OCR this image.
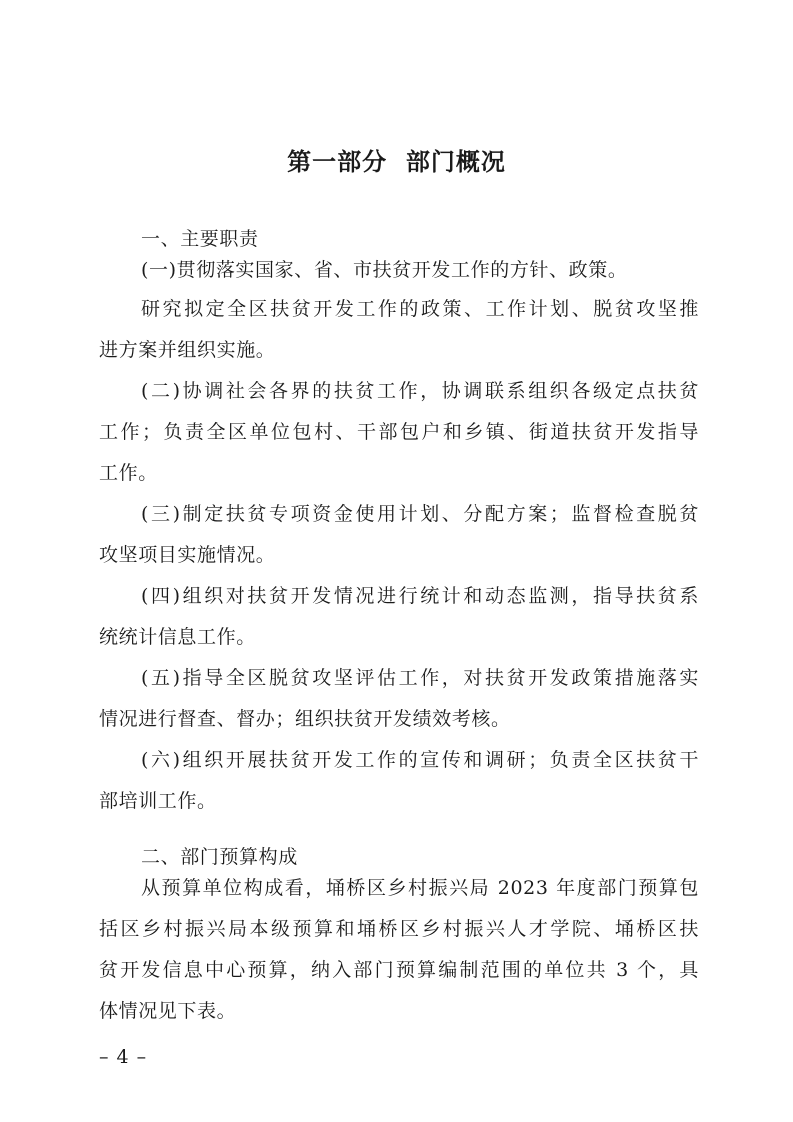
第一部分  部门概况
一、主要职责
(一)贯彻落实国家、省、市扶贫开发工作的方针、政策。
研究拟定全区扶贫开发工作的政策、工作计划、脱贫攻坚推
进方案并组织实施。
(二)协调社会各界的扶贫工作，协调联系组织各级定点扶贫
工作；负责全区单位包村、干部包户和乡镇、街道扶贫开发指导
工作。
(三)制定扶贫专项资金使用计划、分配方案；监督检查脱贫
攻坚项目实施情况。
(四)组织对扶贫开发情况进行统计和动态监测，指导扶贫系
统统计信息工作。
(五)指导全区脱贫攻坚评估工作，对扶贫开发政策措施落实
情况进行督查、督办；组织扶贫开发绩效考核。
(六)组织开展扶贫开发工作的宣传和调研；负责全区扶贫干
部培训工作。
二、部门预算构成
从预算单位构成看，埇桥区乡村振兴局 2023 年度部门预算包
括区乡村振兴局本级预算和埇桥区乡村振兴人才学院、埇桥区扶
贫开发信息中心预算，纳入部门预算编制范围的单位共 3 个，具
体情况见下表。
– 4 –
